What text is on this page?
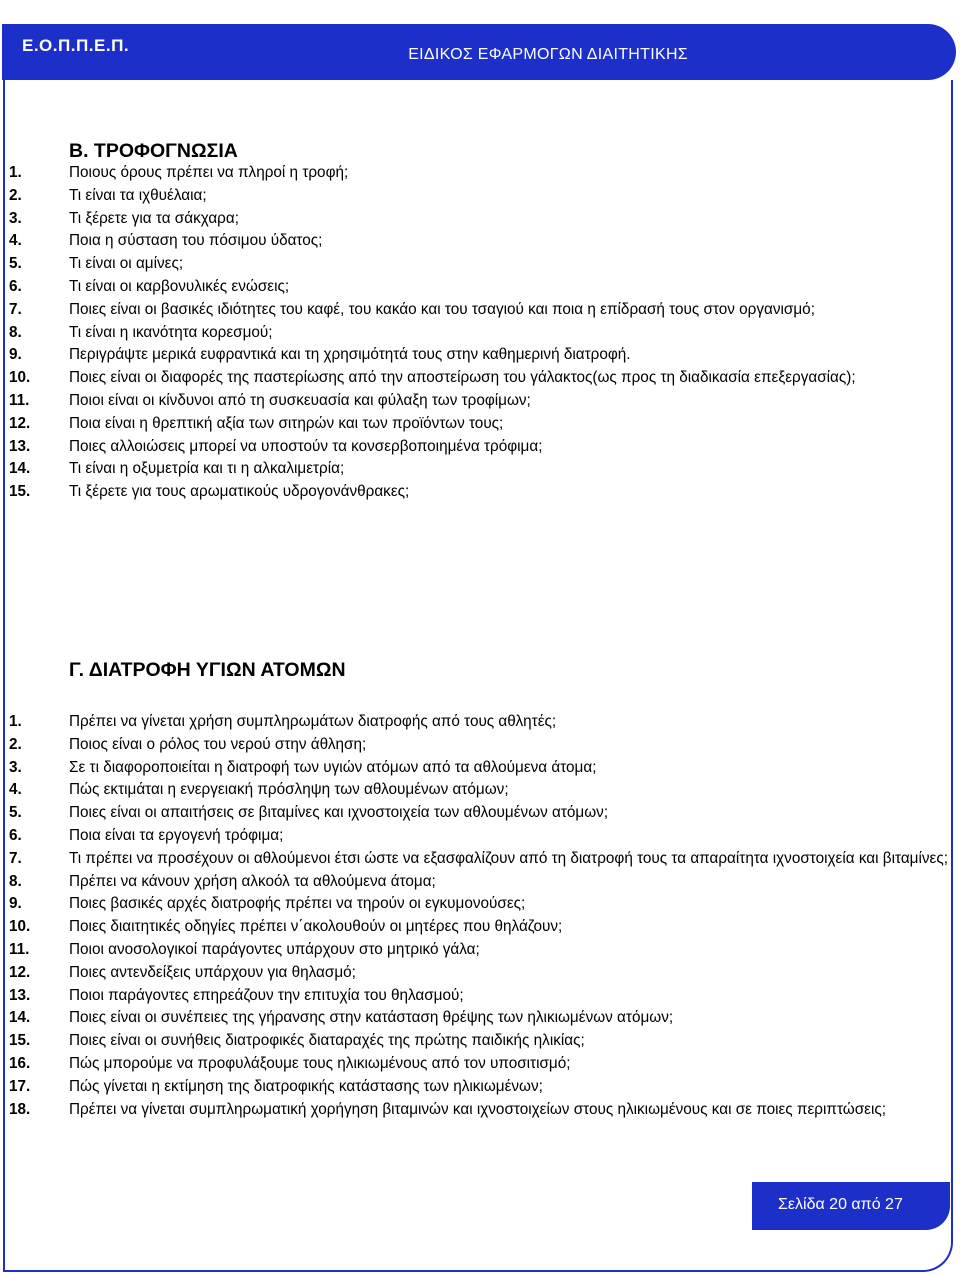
Ε.Ο.Π.Π.Ε.Π.	ΕΙΔΙΚΟΣ ΕΦΑΡΜΟΓΩΝ ΔΙΑΙΤΗΤΙΚΗΣ
Β. ΤΡΟΦΟΓΝΩΣΙΑ
1.	Ποιους όρους πρέπει να πληροί η τροφή;
2.	Τι είναι τα ιχθυέλαια;
3.	Τι ξέρετε για τα σάκχαρα;
4.	Ποια η σύσταση του πόσιμου ύδατος;
5.	Τι είναι οι αμίνες;
6.	Τι είναι οι καρβονυλικές ενώσεις;
7.	Ποιες είναι οι βασικές ιδιότητες του καφέ, του κακάο και του τσαγιού και ποια η επίδρασή τους στον οργανισμό;
8.	Τι είναι η ικανότητα κορεσμού;
9.	Περιγράψτε μερικά ευφραντικά και τη χρησιμότητά τους στην καθημερινή διατροφή.
10.	Ποιες είναι οι διαφορές της παστερίωσης από την αποστείρωση του γάλακτος(ως προς τη διαδικασία επεξεργασίας);
11.	Ποιοι είναι οι κίνδυνοι από τη συσκευασία και φύλαξη των τροφίμων;
12.	Ποια είναι η θρεπτική αξία των σιτηρών και των προϊόντων τους;
13.	Ποιες αλλοιώσεις μπορεί να υποστούν τα κονσερβοποιημένα τρόφιμα;
14.	Τι είναι η οξυμετρία και τι η αλκαλιμετρία;
15.	Τι ξέρετε για τους αρωματικούς υδρογονάνθρακες;
Γ. ΔΙΑΤΡΟΦΗ ΥΓΙΩΝ ΑΤΟΜΩΝ
1.	Πρέπει να γίνεται χρήση συμπληρωμάτων διατροφής από τους αθλητές;
2.	Ποιος είναι ο ρόλος του νερού στην άθληση;
3.	Σε τι διαφοροποιείται η διατροφή των υγιών ατόμων από τα αθλούμενα άτομα;
4.	Πώς εκτιμάται η ενεργειακή πρόσληψη των αθλουμένων ατόμων;
5.	Ποιες είναι οι απαιτήσεις σε βιταμίνες και ιχνοστοιχεία των αθλουμένων ατόμων;
6.	Ποια είναι τα εργογενή τρόφιμα;
7.	Τι πρέπει να προσέχουν οι αθλούμενοι έτσι ώστε να εξασφαλίζουν από τη διατροφή τους τα απαραίτητα ιχνοστοιχεία και βιταμίνες;
8.	Πρέπει να κάνουν χρήση αλκοόλ τα αθλούμενα άτομα;
9.	Ποιες βασικές αρχές διατροφής πρέπει να τηρούν οι εγκυμονούσες;
10.	Ποιες διαιτητικές οδηγίες πρέπει ν΄ακολουθούν οι μητέρες που θηλάζουν;
11.	Ποιοι ανοσολογικοί παράγοντες υπάρχουν στο μητρικό γάλα;
12.	Ποιες αντενδείξεις υπάρχουν για θηλασμό;
13.	Ποιοι παράγοντες επηρεάζουν την επιτυχία του θηλασμού;
14.	Ποιες είναι οι συνέπειες της γήρανσης στην κατάσταση θρέψης των ηλικιωμένων ατόμων;
15.	Ποιες είναι οι συνήθεις διατροφικές διαταραχές της πρώτης παιδικής ηλικίας;
16.	Πώς μπορούμε να προφυλάξουμε τους ηλικιωμένους από τον υποσιτισμό;
17.	Πώς γίνεται η εκτίμηση της διατροφικής κατάστασης των ηλικιωμένων;
18.	Πρέπει να γίνεται συμπληρωματική χορήγηση βιταμινών και ιχνοστοιχείων στους ηλικιωμένους και σε ποιες περιπτώσεις;
Σελίδα 20 από 27
